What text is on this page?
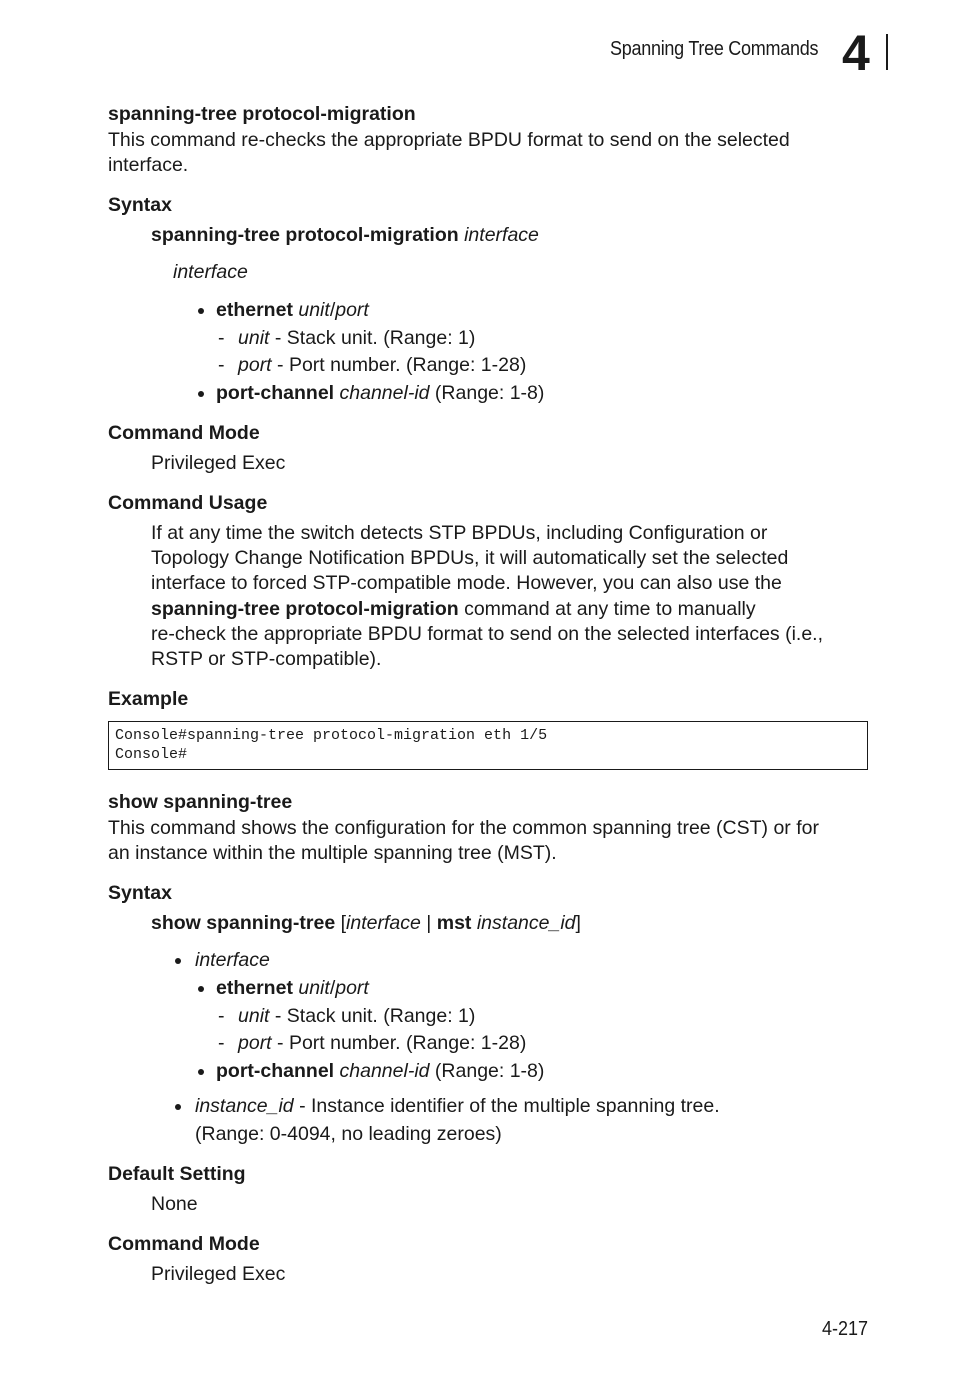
Spanning Tree Commands 4
spanning-tree protocol-migration
This command re-checks the appropriate BPDU format to send on the selected
interface.
Syntax
spanning-tree protocol-migration interface
interface
ethernet unit/port
- unit - Stack unit. (Range: 1)
- port - Port number. (Range: 1-28)
port-channel channel-id (Range: 1-8)
Command Mode
Privileged Exec
Command Usage
If at any time the switch detects STP BPDUs, including Configuration or
Topology Change Notification BPDUs, it will automatically set the selected
interface to forced STP-compatible mode. However, you can also use the
spanning-tree protocol-migration command at any time to manually
re-check the appropriate BPDU format to send on the selected interfaces (i.e.,
RSTP or STP-compatible).
Example
Console#spanning-tree protocol-migration eth 1/5
Console#
show spanning-tree
This command shows the configuration for the common spanning tree (CST) or for
an instance within the multiple spanning tree (MST).
Syntax
show spanning-tree [interface | mst instance_id]
interface
ethernet unit/port
- unit - Stack unit. (Range: 1)
- port - Port number. (Range: 1-28)
port-channel channel-id (Range: 1-8)
instance_id - Instance identifier of the multiple spanning tree.
(Range: 0-4094, no leading zeroes)
Default Setting
None
Command Mode
Privileged Exec
4-217
